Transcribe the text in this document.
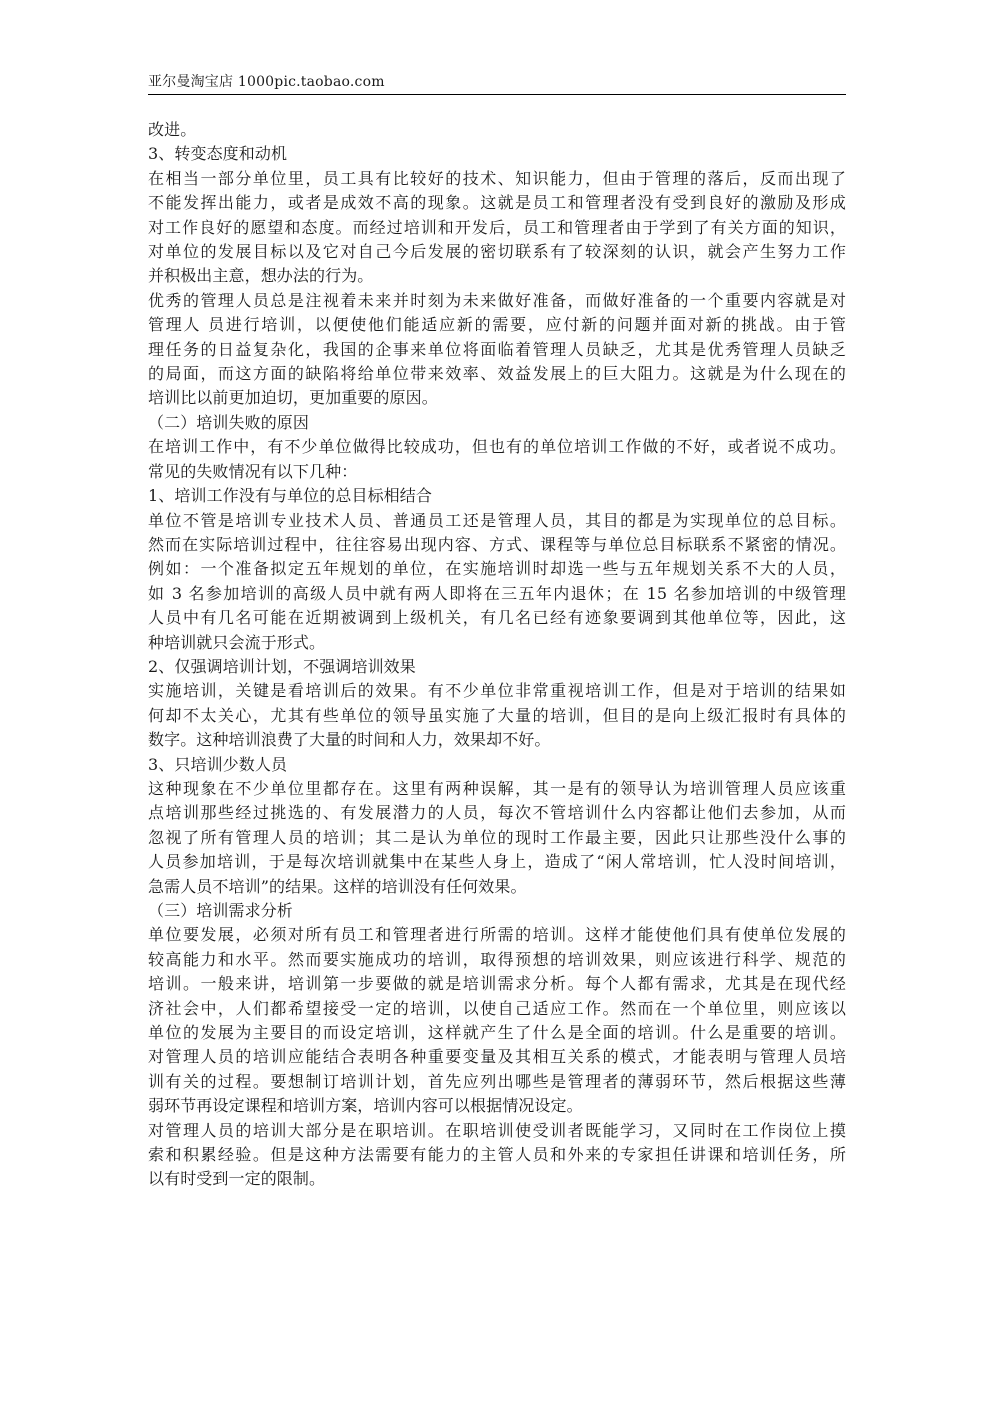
亚尔曼淘宝店 1000pic.taobao.com
改进。
3、转变态度和动机
在相当一部分单位里，员工具有比较好的技术、知识能力，但由于管理的落后，反而出现了
不能发挥出能力，或者是成效不高的现象。这就是员工和管理者没有受到良好的激励及形成
对工作良好的愿望和态度。而经过培训和开发后，员工和管理者由于学到了有关方面的知识，
对单位的发展目标以及它对自己今后发展的密切联系有了较深刻的认识，就会产生努力工作
并积极出主意，想办法的行为。
优秀的管理人员总是注视着未来并时刻为未来做好准备，而做好准备的一个重要内容就是对
管理人 员进行培训，以便使他们能适应新的需要，应付新的问题并面对新的挑战。由于管
理任务的日益复杂化，我国的企事来单位将面临着管理人员缺乏，尤其是优秀管理人员缺乏
的局面，而这方面的缺陷将给单位带来效率、效益发展上的巨大阻力。这就是为什么现在的
培训比以前更加迫切，更加重要的原因。
（二）培训失败的原因
在培训工作中，有不少单位做得比较成功，但也有的单位培训工作做的不好，或者说不成功。
常见的失败情况有以下几种：
1、培训工作没有与单位的总目标相结合
单位不管是培训专业技术人员、普通员工还是管理人员，其目的都是为实现单位的总目标。
然而在实际培训过程中，往往容易出现内容、方式、课程等与单位总目标联系不紧密的情况。
例如：一个准备拟定五年规划的单位，在实施培训时却选一些与五年规划关系不大的人员，
如 3 名参加培训的高级人员中就有两人即将在三五年内退休；在 15 名参加培训的中级管理
人员中有几名可能在近期被调到上级机关，有几名已经有迹象要调到其他单位等，因此，这
种培训就只会流于形式。
2、仅强调培训计划，不强调培训效果
实施培训，关键是看培训后的效果。有不少单位非常重视培训工作，但是对于培训的结果如
何却不太关心，尤其有些单位的领导虽实施了大量的培训，但目的是向上级汇报时有具体的
数字。这种培训浪费了大量的时间和人力，效果却不好。
3、只培训少数人员
这种现象在不少单位里都存在。这里有两种误解，其一是有的领导认为培训管理人员应该重
点培训那些经过挑选的、有发展潜力的人员，每次不管培训什么内容都让他们去参加，从而
忽视了所有管理人员的培训；其二是认为单位的现时工作最主要，因此只让那些没什么事的
人员参加培训，于是每次培训就集中在某些人身上，造成了“闲人常培训，忙人没时间培训，
急需人员不培训”的结果。这样的培训没有任何效果。
（三）培训需求分析
单位要发展，必须对所有员工和管理者进行所需的培训。这样才能使他们具有使单位发展的
较高能力和水平。然而要实施成功的培训，取得预想的培训效果，则应该进行科学、规范的
培训。一般来讲，培训第一步要做的就是培训需求分析。每个人都有需求，尤其是在现代经
济社会中，人们都希望接受一定的培训，以使自己适应工作。然而在一个单位里，则应该以
单位的发展为主要目的而设定培训，这样就产生了什么是全面的培训。什么是重要的培训。
对管理人员的培训应能结合表明各种重要变量及其相互关系的模式，才能表明与管理人员培
训有关的过程。要想制订培训计划，首先应列出哪些是管理者的薄弱环节，然后根据这些薄
弱环节再设定课程和培训方案，培训内容可以根据情况设定。
对管理人员的培训大部分是在职培训。在职培训使受训者既能学习，又同时在工作岗位上摸
索和积累经验。但是这种方法需要有能力的主管人员和外来的专家担任讲课和培训任务，所
以有时受到一定的限制。
